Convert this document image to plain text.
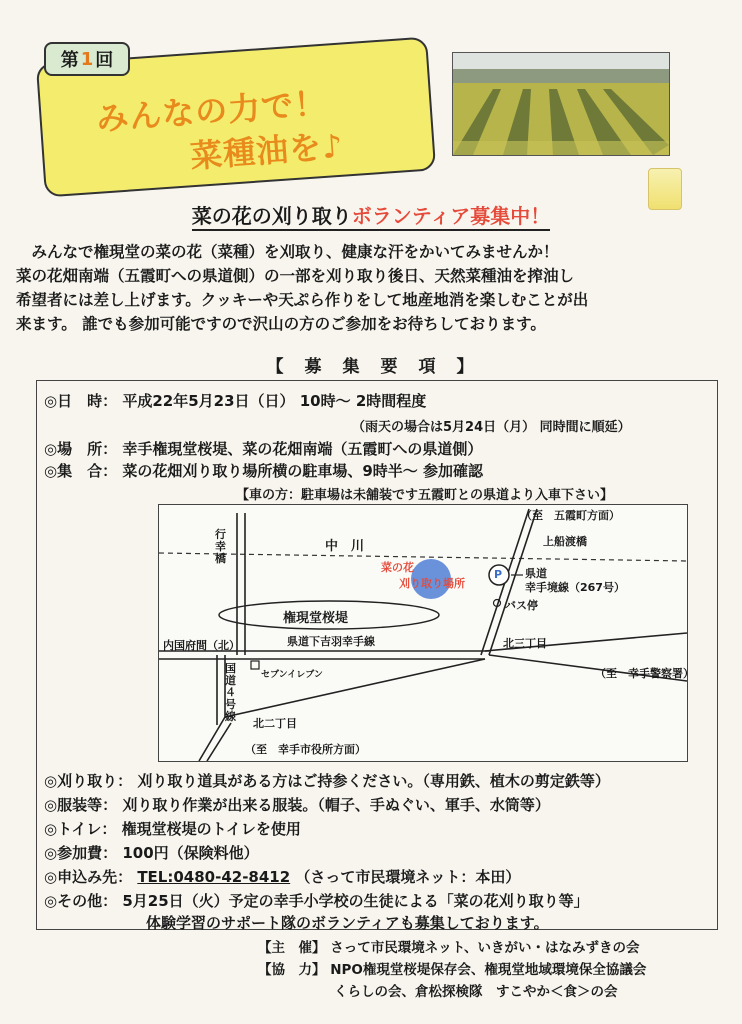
第 1 回
みんなの力で！
菜種油を♪
菜の花の刈り取りボランティア募集中！
　みんなで権現堂の菜の花（菜種）を刈取り、健康な汗をかいてみませんか！
菜の花畑南端（五霞町への県道側）の一部を刈り取り後日、天然菜種油を搾油し
希望者には差し上げます。クッキーや天ぷら作りをして地産地消を楽しむことが出
来ます。 誰でも参加可能ですので沢山の方のご参加をお待ちしております。
【　募　集　要　項　】
◎日　時： 平成22年5月23日（日） 10時～ 2時間程度
（雨天の場合は5月24日（月） 同時間に順延）
◎場　所： 幸手権現堂桜堤、菜の花畑南端（五霞町への県道側）
◎集　合： 菜の花畑刈り取り場所横の駐車場、9時半～ 参加確認
【車の方：駐車場は未舗装です五霞町との県道より入車下さい】
（至　五霞町方面）
上船渡橋
中　川
行幸橋
菜の花
刈り取り場所
P 県道
幸手境線（267号）
バス停
権現堂桜堤
県道下吉羽幸手線
内国府間（北）	北三丁目
（至　幸手警察署）
国道４号線
セブンイレブン
北二丁目
（至　幸手市役所方面）
◎刈り取り： 刈り取り道具がある方はご持参ください。（専用鉄、植木の剪定鉄等）
◎服装等： 刈り取り作業が出来る服装。（帽子、手ぬぐい、軍手、水筒等）
◎トイレ： 権現堂桜堤のトイレを使用
◎参加費： 100円（保険料他）
◎申込み先： TEL:0480-42-8412 （さって市民環境ネット：本田）
◎その他： 5月25日（火）予定の幸手小学校の生徒による「菜の花刈り取り等」
体験学習のサポート隊のボランティアも募集しております。
【主　催】 さって市民環境ネット、いきがい・はなみずきの会
【協　力】 NPO権現堂桜堤保存会、権現堂地域環境保全協議会
くらしの会、倉松探検隊　すこやか＜食＞の会
